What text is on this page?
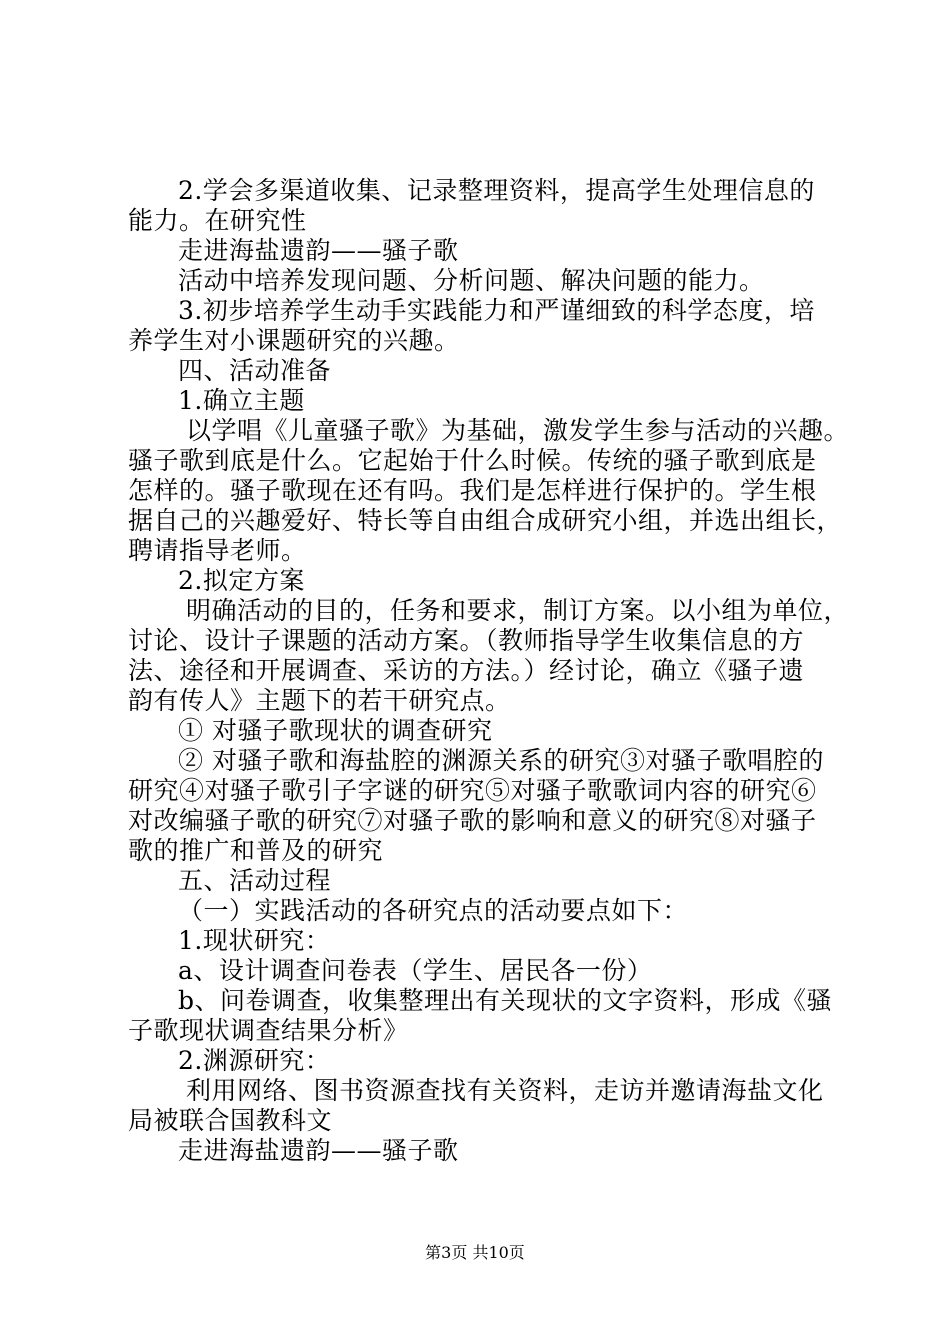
2.学会多渠道收集、记录整理资料，提高学生处理信息的
能力。在研究性
走进海盐遗韵——骚子歌
活动中培养发现问题、分析问题、解决问题的能力。
3.初步培养学生动手实践能力和严谨细致的科学态度，培
养学生对小课题研究的兴趣。
四、活动准备
1.确立主题
以学唱《儿童骚子歌》为基础，激发学生参与活动的兴趣。
骚子歌到底是什么。它起始于什么时候。传统的骚子歌到底是
怎样的。骚子歌现在还有吗。我们是怎样进行保护的。学生根
据自己的兴趣爱好、特长等自由组合成研究小组，并选出组长，
聘请指导老师。
2.拟定方案
明确活动的目的，任务和要求，制订方案。以小组为单位，
讨论、设计子课题的活动方案。（教师指导学生收集信息的方
法、途径和开展调查、采访的方法。）经讨论，确立《骚子遗
韵有传人》主题下的若干研究点。
① 对骚子歌现状的调查研究
② 对骚子歌和海盐腔的渊源关系的研究③对骚子歌唱腔的
研究④对骚子歌引子字谜的研究⑤对骚子歌歌词内容的研究⑥
对改编骚子歌的研究⑦对骚子歌的影响和意义的研究⑧对骚子
歌的推广和普及的研究
五、活动过程
（一）实践活动的各研究点的活动要点如下：
1.现状研究：
a、设计调查问卷表（学生、居民各一份）
b、问卷调查，收集整理出有关现状的文字资料，形成《骚
子歌现状调查结果分析》
2.渊源研究：
利用网络、图书资源查找有关资料，走访并邀请海盐文化
局被联合国教科文
走进海盐遗韵——骚子歌
第3页 共10页
